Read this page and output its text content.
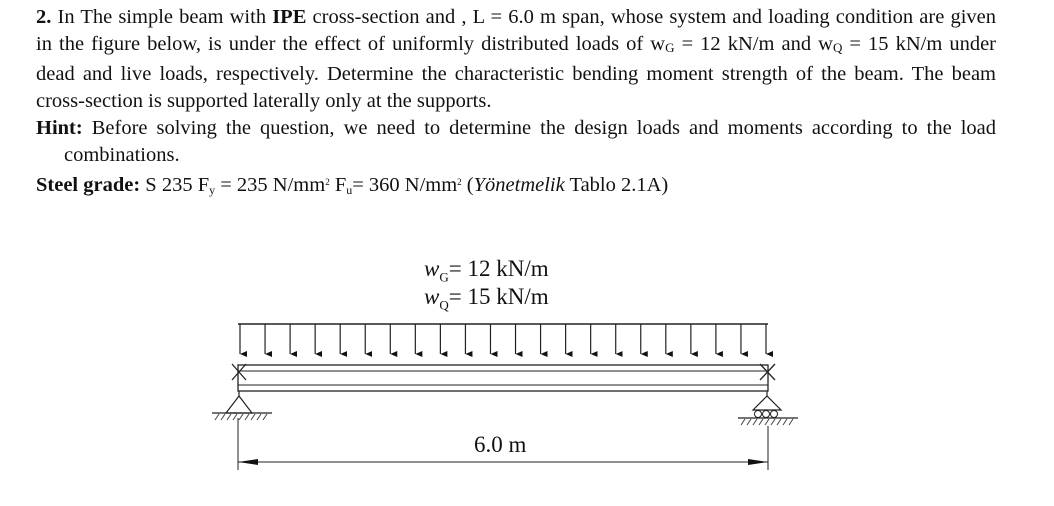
2. In The simple beam with IPE cross-section and , L = 6.0 m span, whose system and loading condition are given in the figure below, is under the effect of uniformly distributed loads of $w_G = 12$ kN/m and $w_Q = 15$ kN/m under dead and live loads, respectively. Determine the characteristic bending moment strength of the beam. The beam cross-section is supported laterally only at the supports.

Hint: Before solving the question, we need to determine the design loads and moments according to the load combinations.

Steel grade: S 235 $F_y = 235$ $N/mm^2$ $F_u= 360$ $N/mm^2$ (Yönetmelik Tablo 2.1A)

$w_G= 12$ kN/m
$w_Q= 15$ kN/m
6.0 m
